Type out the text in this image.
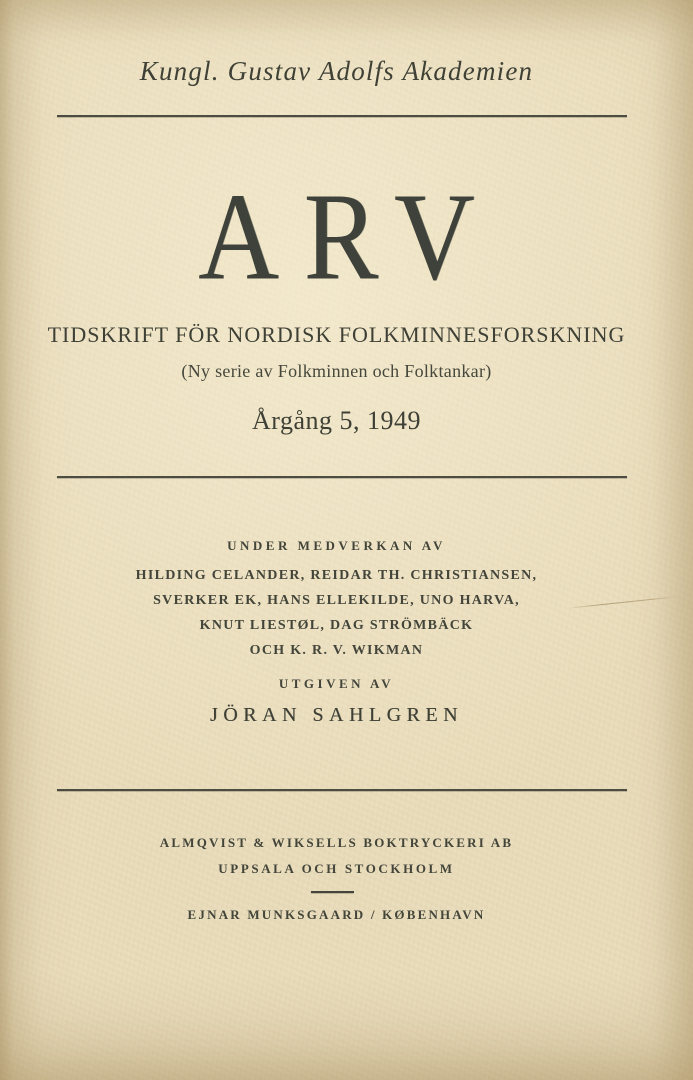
Kungl. Gustav Adolfs Akademien
ARV
TIDSKRIFT FÖR NORDISK FOLKMINNESFORSKNING
(Ny serie av Folkminnen och Folktankar)
Årgång 5, 1949
UNDER MEDVERKAN AV
HILDING CELANDER, REIDAR TH. CHRISTIANSEN,
SVERKER EK, HANS ELLEKILDE, UNO HARVA,
KNUT LIESTØL, DAG STRÖMBÄCK
OCH K. R. V. WIKMAN
UTGIVEN AV
JÖRAN SAHLGREN
ALMQVIST & WIKSELLS BOKTRYCKERI AB
UPPSALA OCH STOCKHOLM
EJNAR MUNKSGAARD / KØBENHAVN
